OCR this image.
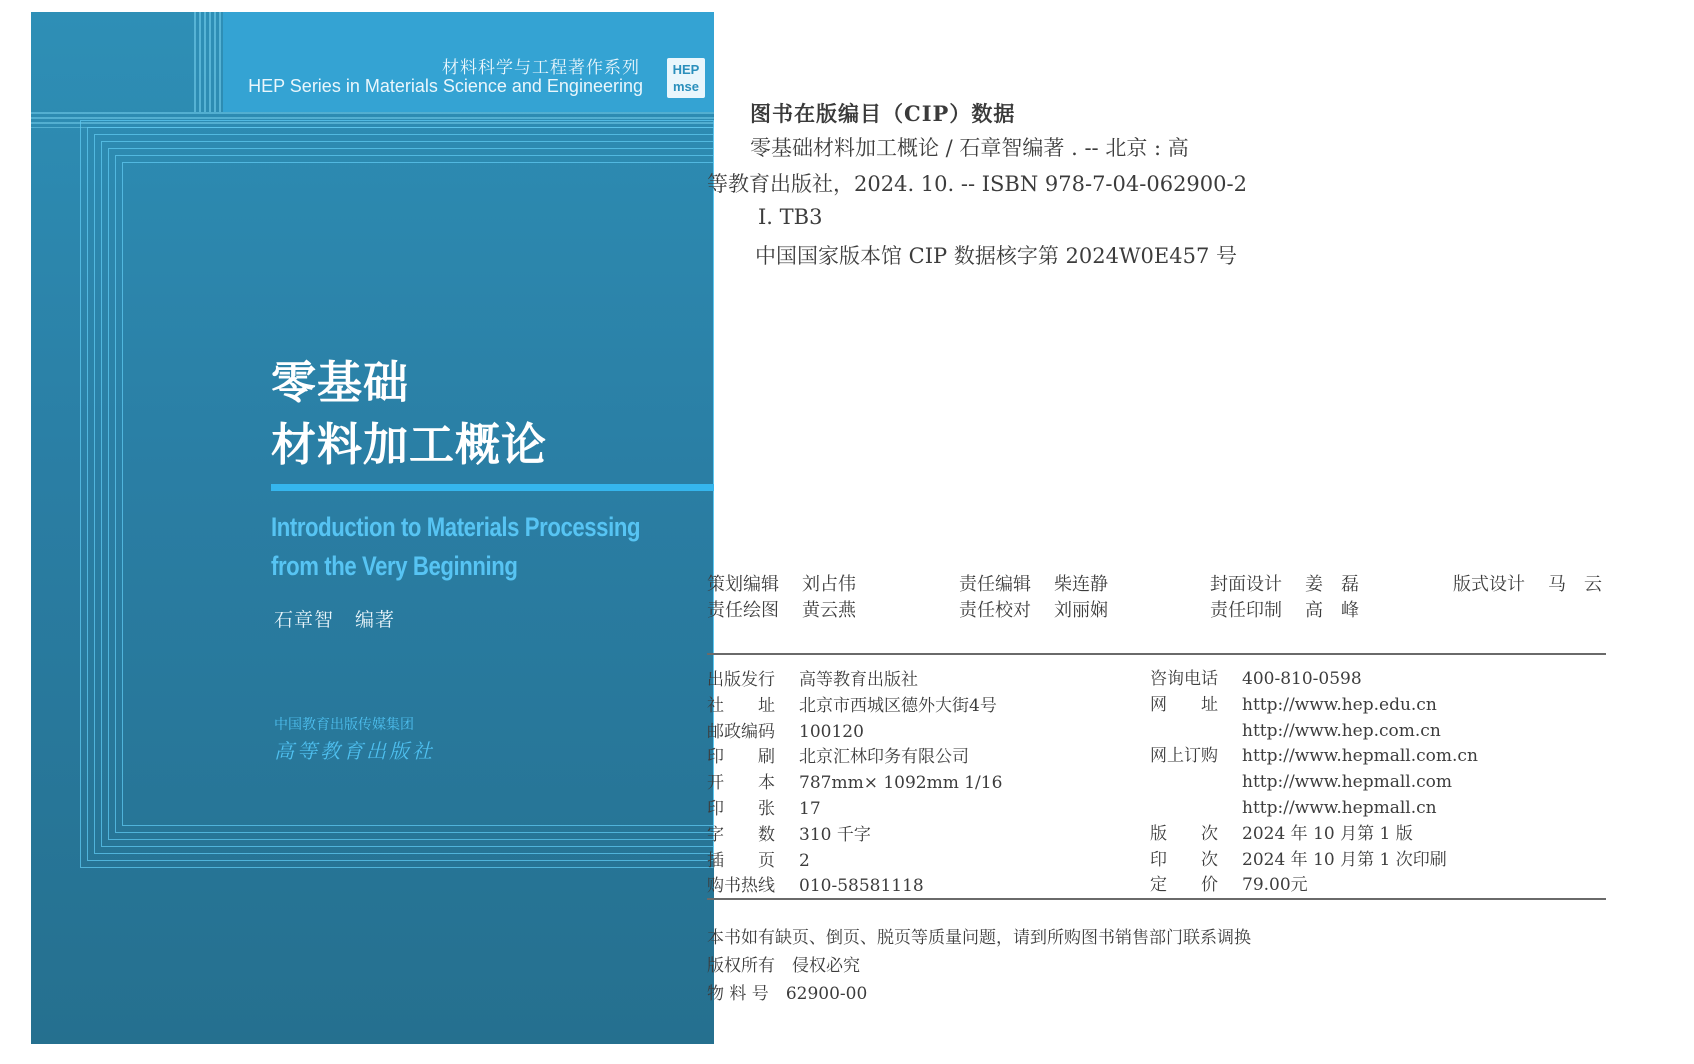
材料科学与工程著作系列
HEP Series in Materials Science and Engineering
HEP
mse
零基础
材料加工概论
Introduction to Materials Processing
from the Very Beginning
石章智 编著
中国教育出版传媒集团
高等教育出版社
图书在版编目（CIP）数据
零基础材料加工概论 / 石章智编著 . -- 北京 : 高
等教育出版社，2024. 10. -- ISBN 978-7-04-062900-2
Ⅰ. TB3
中国国家版本馆 CIP 数据核字第 2024W0E457 号
策划编辑 刘占伟
责任绘图 黄云燕
责任编辑 柴连静
责任校对 刘丽娴
封面设计 姜　磊
责任印制 高　峰
版式设计 马　云
出版发行 高等教育出版社
社　　址 北京市西城区德外大街4号
邮政编码 100120
印　　刷 北京汇林印务有限公司
开　　本 787mm× 1092mm 1/16
印　　张 17
字　　数 310 千字
插　　页 2
购书热线 010-58581118
咨询电话 400-810-0598
网　　址 http://www.hep.edu.cn
http://www.hep.com.cn
网上订购 http://www.hepmall.com.cn
http://www.hepmall.com
http://www.hepmall.cn
版　　次 2024 年 10 月第 1 版
印　　次 2024 年 10 月第 1 次印刷
定　　价 79.00元
本书如有缺页、倒页、脱页等质量问题，请到所购图书销售部门联系调换
版权所有　侵权必究
物 料 号　 62900-00
